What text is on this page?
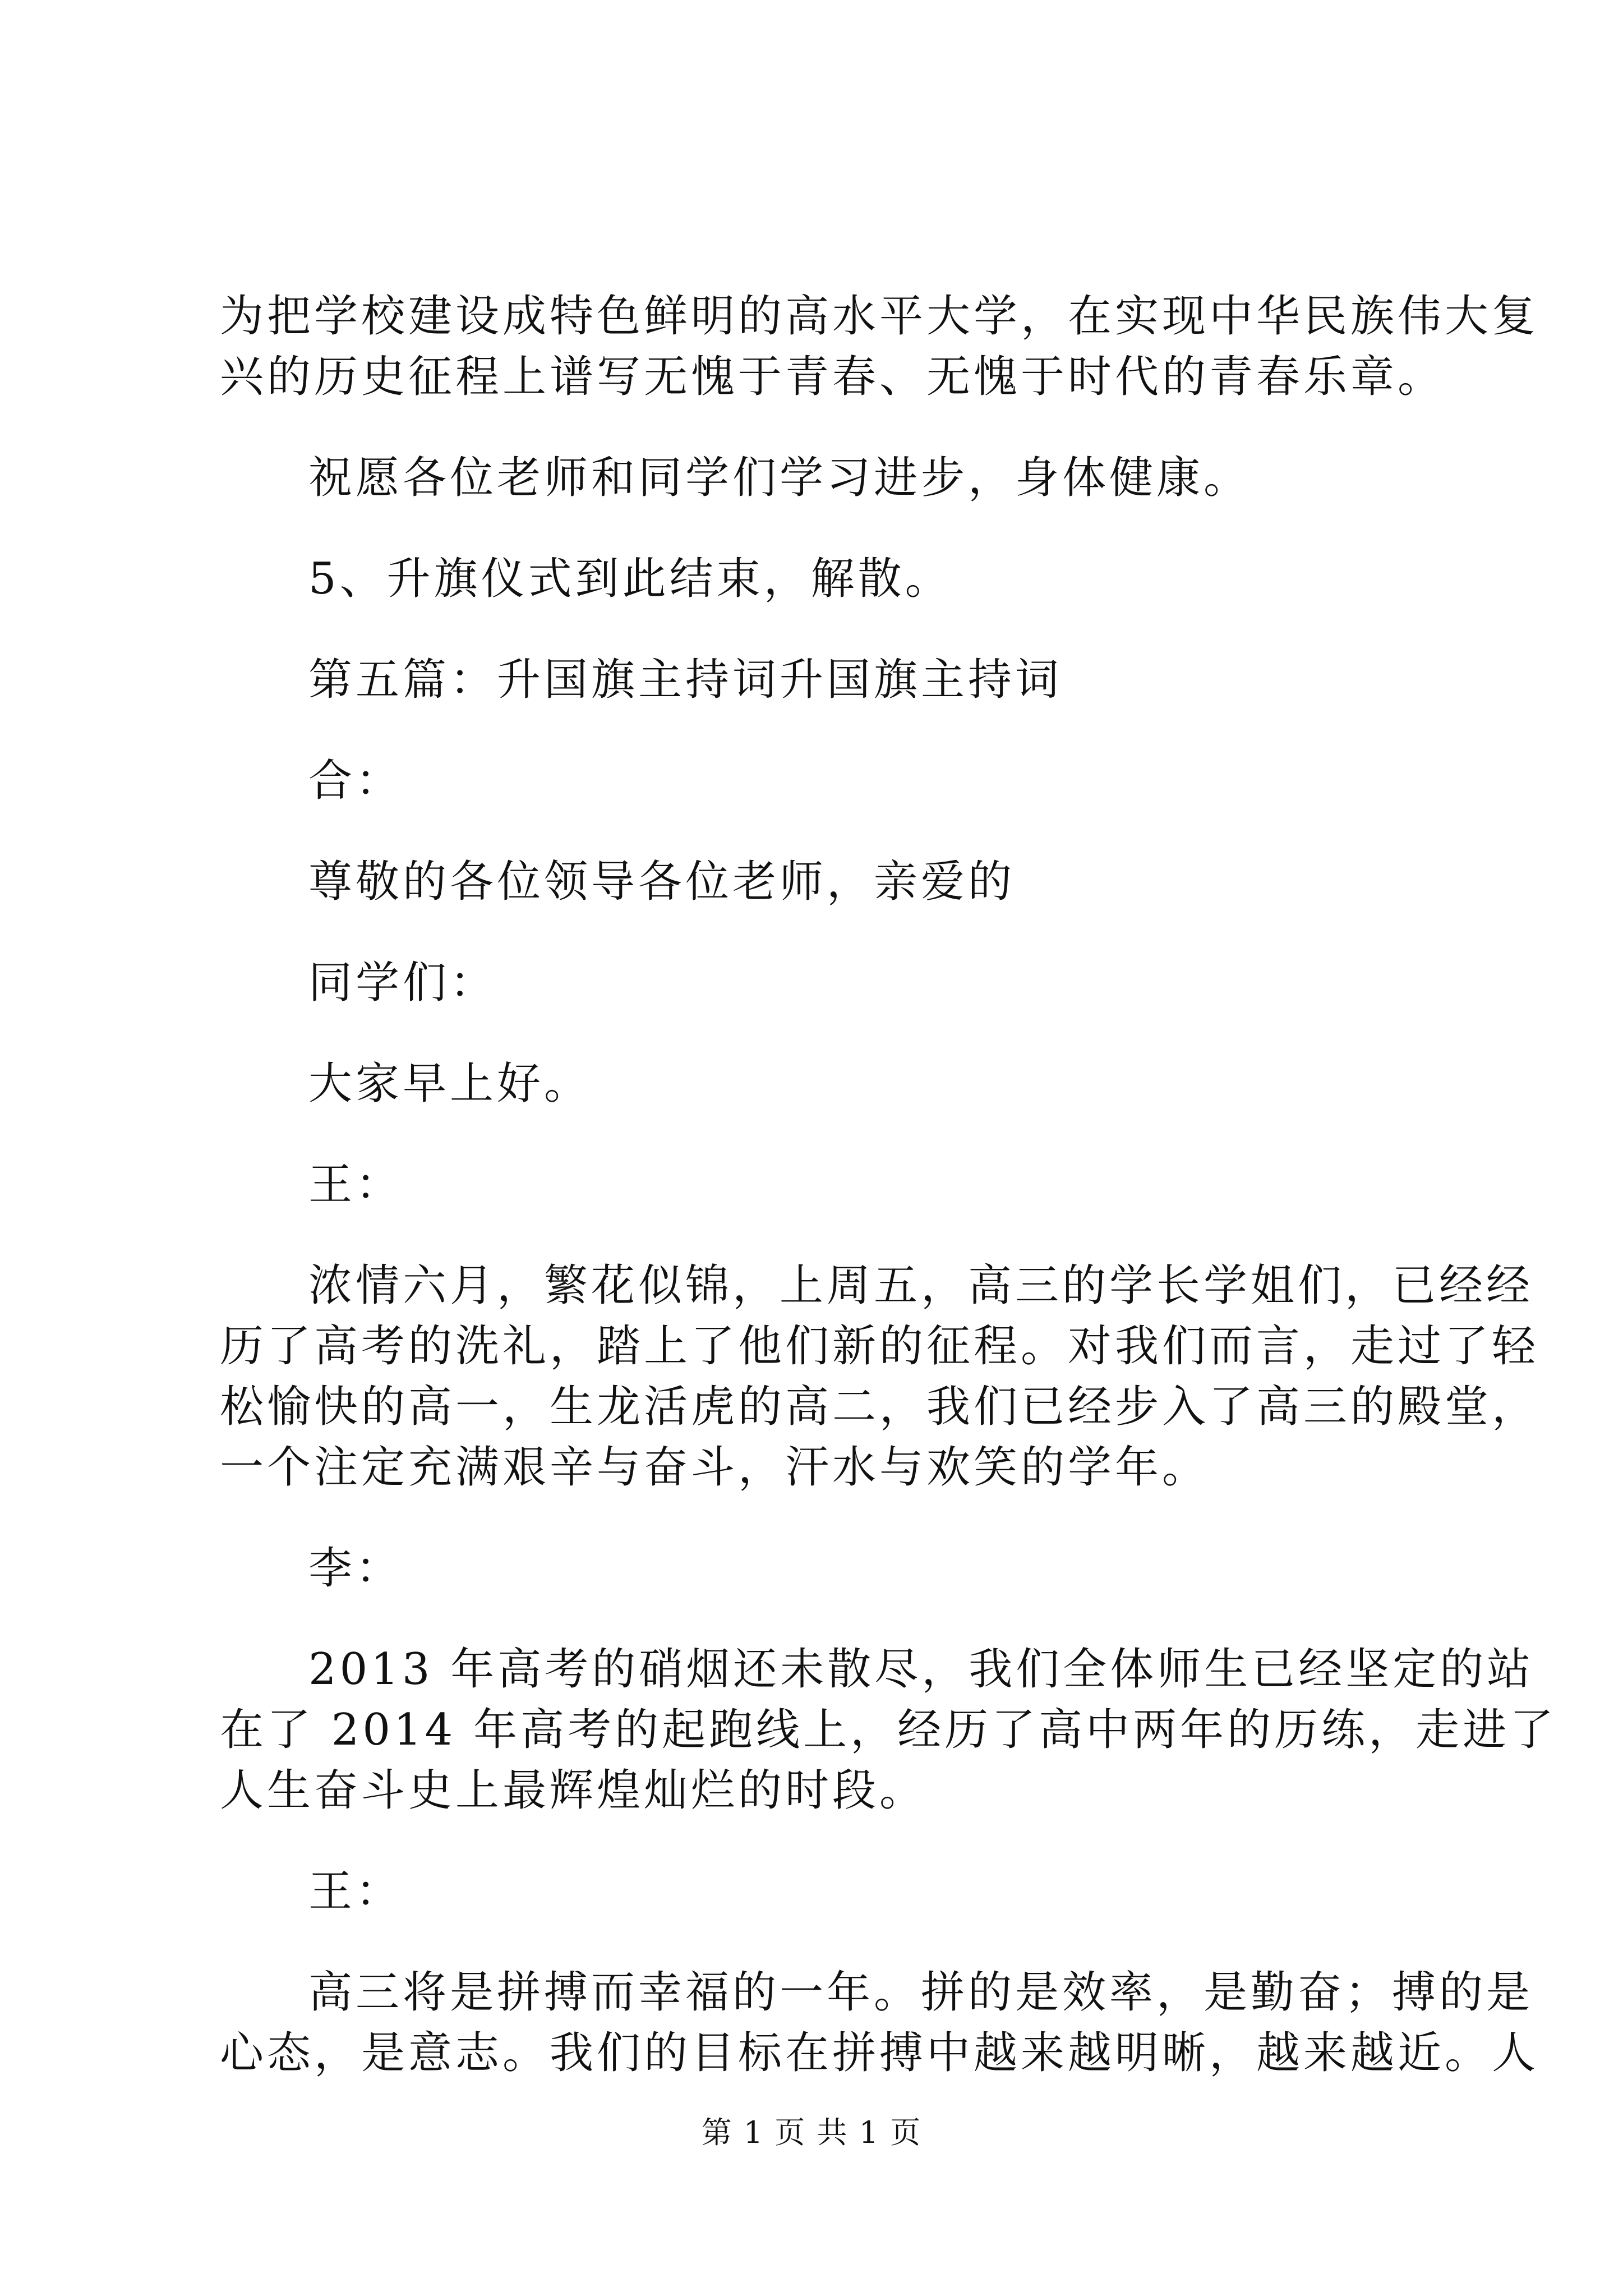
为把学校建设成特色鲜明的高水平大学，在实现中华民族伟大复
兴的历史征程上谱写无愧于青春、无愧于时代的青春乐章。
祝愿各位老师和同学们学习进步，身体健康。
5、升旗仪式到此结束，解散。
第五篇：升国旗主持词升国旗主持词
合：
尊敬的各位领导各位老师，亲爱的
同学们：
大家早上好。
王：
浓情六月，繁花似锦，上周五，高三的学长学姐们，已经经
历了高考的洗礼，踏上了他们新的征程。对我们而言，走过了轻
松愉快的高一，生龙活虎的高二，我们已经步入了高三的殿堂，
一个注定充满艰辛与奋斗，汗水与欢笑的学年。
李：
2013 年高考的硝烟还未散尽，我们全体师生已经坚定的站
在了 2014 年高考的起跑线上，经历了高中两年的历练，走进了
人生奋斗史上最辉煌灿烂的时段。
王：
高三将是拼搏而幸福的一年。拼的是效率，是勤奋；搏的是
心态，是意志。我们的目标在拼搏中越来越明晰，越来越近。人
第 1 页 共 1 页
